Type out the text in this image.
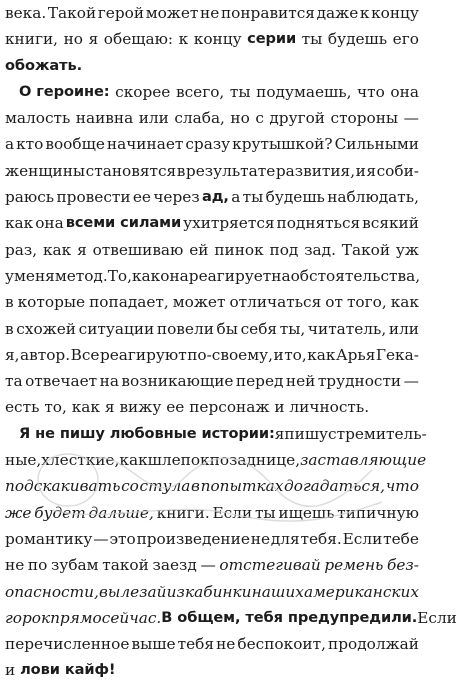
века. Такой герой может не понравится даже к концу
книги, но я обещаю: к концу серии ты будешь его
обожать.
О героине: скорее всего, ты подумаешь, что она
малость наивна или слаба, но с другой стороны —
а кто вообще начинает сразу крутышкой? Сильными
женщины становятся в результате развития, и я соби-
раюсь провести ее через ад, а ты будешь наблюдать,
как она всеми силами ухитряется подняться всякий
раз, как я отвешиваю ей пинок под зад. Такой уж
у меня метод. То, как она реагирует на обстоятельства,
в которые попадает, может отличаться от того, как
в схожей ситуации повели бы себя ты, читатель, или
я, автор. Все реагируют по-своему, и то, как Арья Гека-
та отвечает на возникающие перед ней трудности —
есть то, как я вижу ее персонаж и личность.
Я не пишу любовные истории: я пишу стремитель-
ные, хлесткие, как шлепок по заднице, заставляющие
подскакивать со стула в попытках догадаться, что
же будет дальше, книги. Если ты ищешь типичную
романтику — это произведение не для тебя. Если тебе
не по зубам такой заезд — отстегивай ремень без-
опасности, вылезай из кабинки наших американских
горок прямо сейчас. В общем, тебя предупредили. Если
перечисленное выше тебя не беспокоит, продолжай
и лови кайф!
